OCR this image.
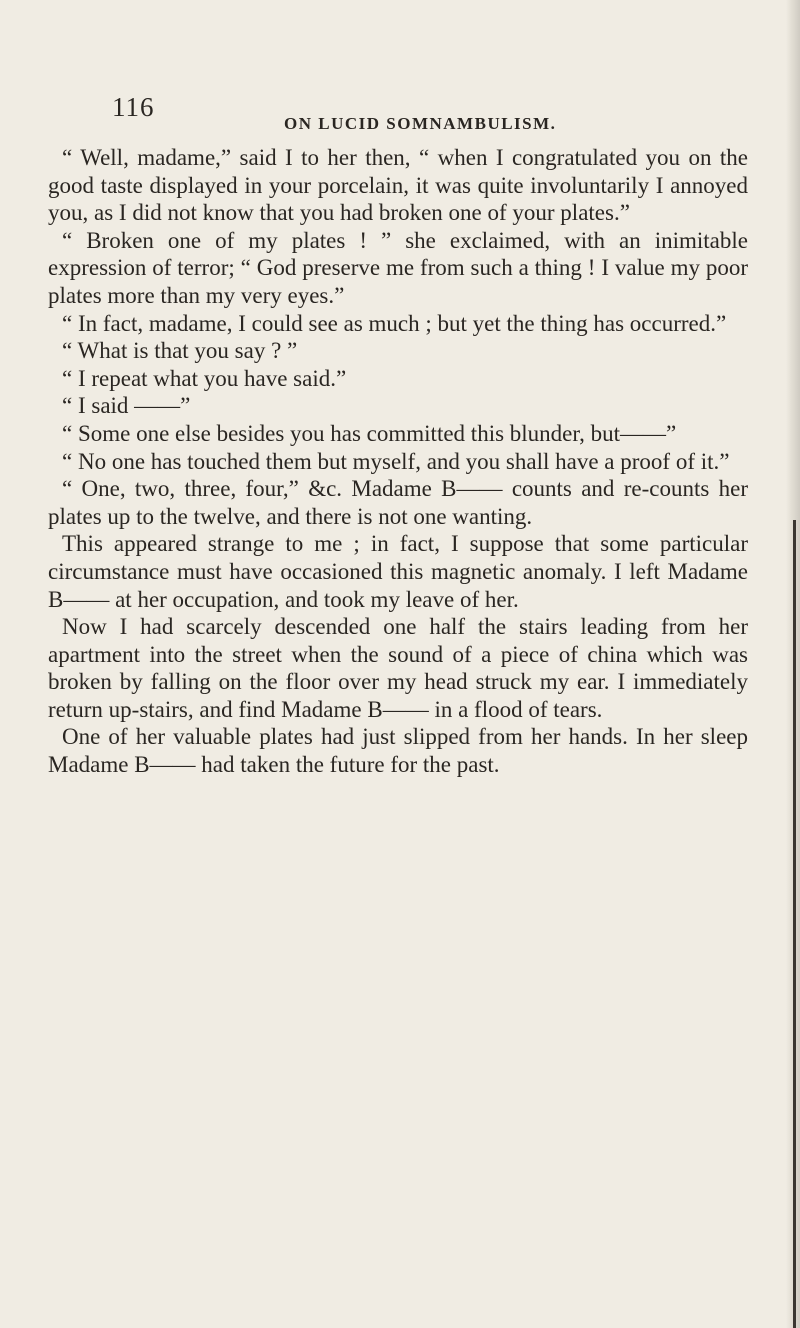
116
ON LUCID SOMNAMBULISM.

“ Well, madame,” said I to her then, “ when I congratulated you on the good taste displayed in your porcelain, it was quite involuntarily I annoyed you, as I did not know that you had broken one of your plates.”

“ Broken one of my plates ! ” she exclaimed, with an inimitable expression of terror; “ God preserve me from such a thing ! I value my poor plates more than my very eyes.”

“ In fact, madame, I could see as much ; but yet the thing has occurred.”

“ What is that you say ? ”

“ I repeat what you have said.”

“ I said ——”

“ Some one else besides you has committed this blunder, but——”

“ No one has touched them but myself, and you shall have a proof of it.”

“ One, two, three, four,” &c. Madame B—— counts and re-counts her plates up to the twelve, and there is not one wanting.

This appeared strange to me ; in fact, I suppose that some particular circumstance must have occasioned this magnetic anomaly. I left Madame B—— at her occupation, and took my leave of her.

Now I had scarcely descended one half the stairs leading from her apartment into the street when the sound of a piece of china which was broken by falling on the floor over my head struck my ear. I immediately return up-stairs, and find Madame B—— in a flood of tears.

One of her valuable plates had just slipped from her hands. In her sleep Madame B—— had taken the future for the past.
